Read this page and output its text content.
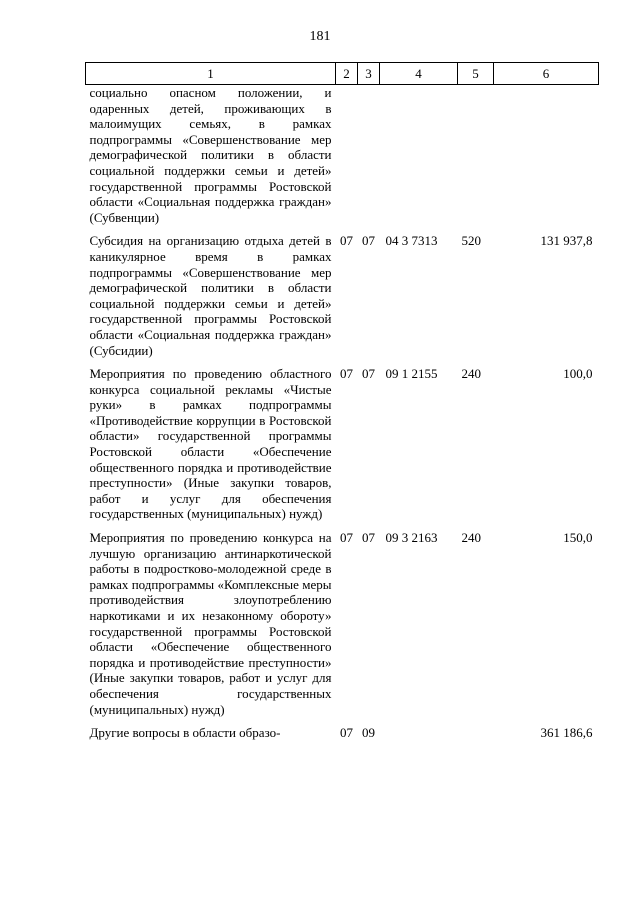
181
1	2	3	4	5	6
социально опасном положении, и одаренных детей, проживающих в малоимущих семьях, в рамках подпрограммы «Совершенствование мер демографической политики в области социальной поддержки семьи и детей» государственной программы Ростовской области «Социальная поддержка граждан» (Субвенции)					
Субсидия на организацию отдыха детей в каникулярное время в рамках подпрограммы «Совершенствование мер демографической политики в области социальной поддержки семьи и детей» государственной программы Ростовской области «Социальная поддержка граждан» (Субсидии)	07	07	04 3 7313	520	131 937,8
Мероприятия по проведению областного конкурса социальной рекламы «Чистые руки» в рамках подпрограммы «Противодействие коррупции в Ростовской области» государственной программы Ростовской области «Обеспечение общественного порядка и противодействие преступности» (Иные закупки товаров, работ и услуг для обеспечения государственных (муниципальных) нужд)	07	07	09 1 2155	240	100,0
Мероприятия по проведению конкурса на лучшую организацию антинаркотической работы в подростково-молодежной среде в рамках подпрограммы «Комплексные меры противодействия злоупотреблению наркотиками и их незаконному обороту» государственной программы Ростовской области «Обеспечение общественного порядка и противодействие преступности» (Иные закупки товаров, работ и услуг для обеспечения государственных (муниципальных) нужд)	07	07	09 3 2163	240	150,0
Другие вопросы в области образо-	07	09			361 186,6
